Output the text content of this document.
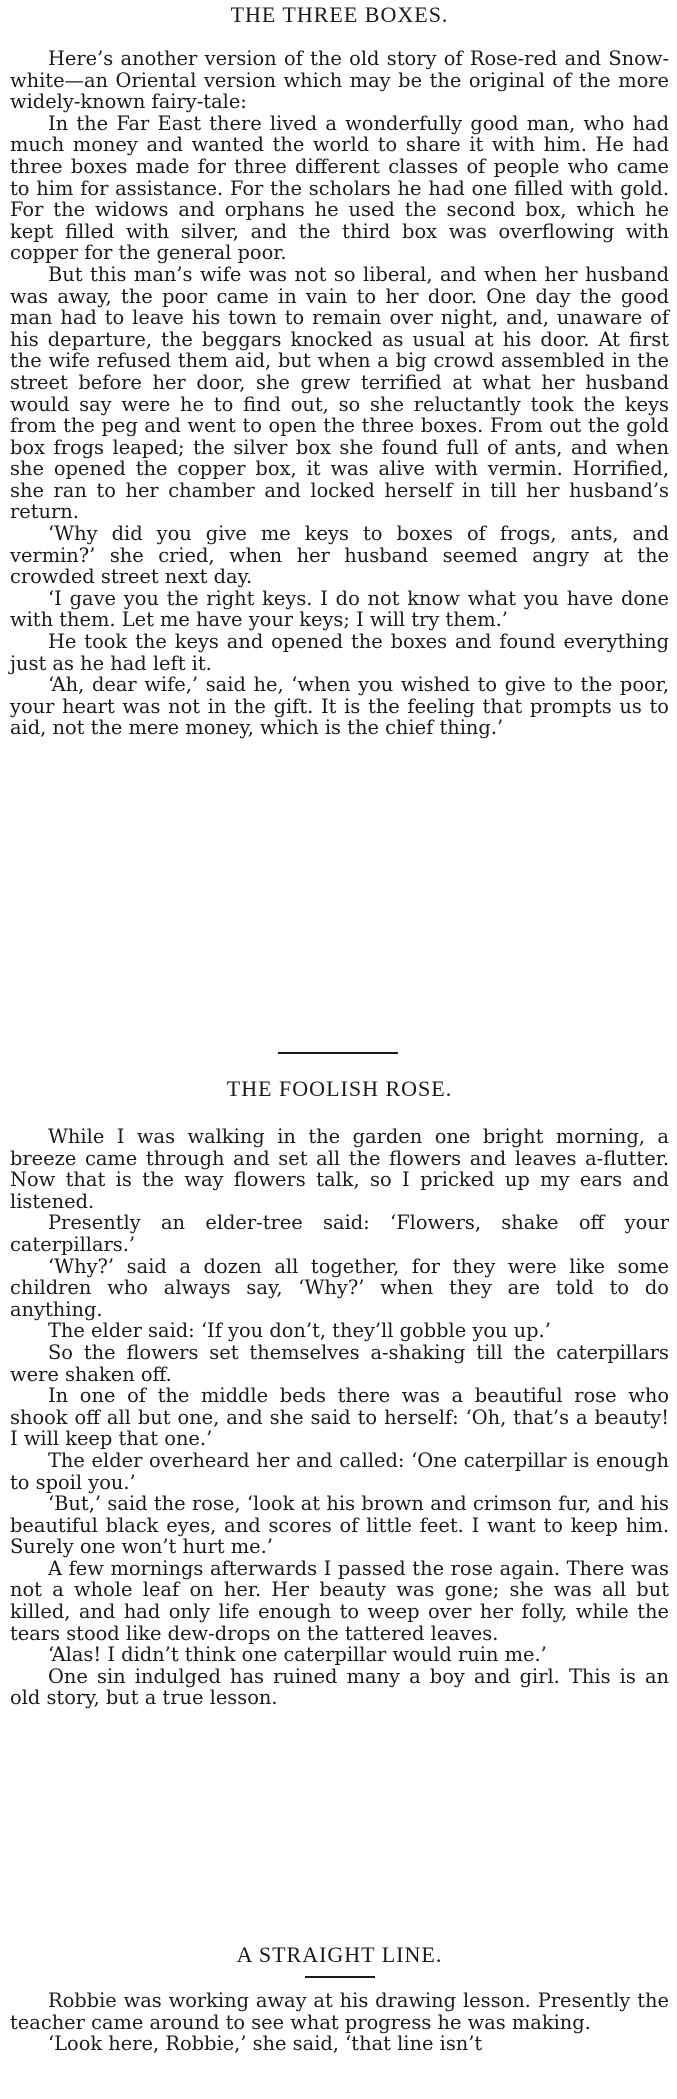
THE THREE BOXES.

Here’s another version of the old story of Rose-red and Snow-white—an Oriental version which may be the original of the more widely-known fairy-tale:

In the Far East there lived a wonderfully good man, who had much money and wanted the world to share it with him. He had three boxes made for three different classes of people who came to him for assistance. For the scholars he had one filled with gold. For the widows and orphans he used the second box, which he kept filled with silver, and the third box was overflowing with copper for the general poor.

But this man’s wife was not so liberal, and when her husband was away, the poor came in vain to her door. One day the good man had to leave his town to remain over night, and, unaware of his departure, the beggars knocked as usual at his door. At first the wife refused them aid, but when a big crowd assembled in the street before her door, she grew terrified at what her husband would say were he to find out, so she reluctantly took the keys from the peg and went to open the three boxes. From out the gold box frogs leaped; the silver box she found full of ants, and when she opened the copper box, it was alive with vermin. Horrified, she ran to her chamber and locked herself in till her husband’s return.

‘Why did you give me keys to boxes of frogs, ants, and vermin?’ she cried, when her husband seemed angry at the crowded street next day.

‘I gave you the right keys. I do not know what you have done with them. Let me have your keys; I will try them.’

He took the keys and opened the boxes and found everything just as he had left it.

‘Ah, dear wife,’ said he, ‘when you wished to give to the poor, your heart was not in the gift. It is the feeling that prompts us to aid, not the mere money, which is the chief thing.’

THE FOOLISH ROSE.

While I was walking in the garden one bright morning, a breeze came through and set all the flowers and leaves a-flutter. Now that is the way flowers talk, so I pricked up my ears and listened.

Presently an elder-tree said: ‘Flowers, shake off your caterpillars.’

‘Why?’ said a dozen all together, for they were like some children who always say, ‘Why?’ when they are told to do anything.

The elder said: ‘If you don’t, they’ll gobble you up.’

So the flowers set themselves a-shaking till the caterpillars were shaken off.

In one of the middle beds there was a beautiful rose who shook off all but one, and she said to herself: ‘Oh, that’s a beauty! I will keep that one.’

The elder overheard her and called: ‘One caterpillar is enough to spoil you.’

‘But,’ said the rose, ‘look at his brown and crimson fur, and his beautiful black eyes, and scores of little feet. I want to keep him. Surely one won’t hurt me.’

A few mornings afterwards I passed the rose again. There was not a whole leaf on her. Her beauty was gone; she was all but killed, and had only life enough to weep over her folly, while the tears stood like dew-drops on the tattered leaves.

‘Alas! I didn’t think one caterpillar would ruin me.’

One sin indulged has ruined many a boy and girl. This is an old story, but a true lesson.

A STRAIGHT LINE.

Robbie was working away at his drawing lesson. Presently the teacher came around to see what progress he was making.

‘Look here, Robbie,’ she said, ‘that line isn’t
